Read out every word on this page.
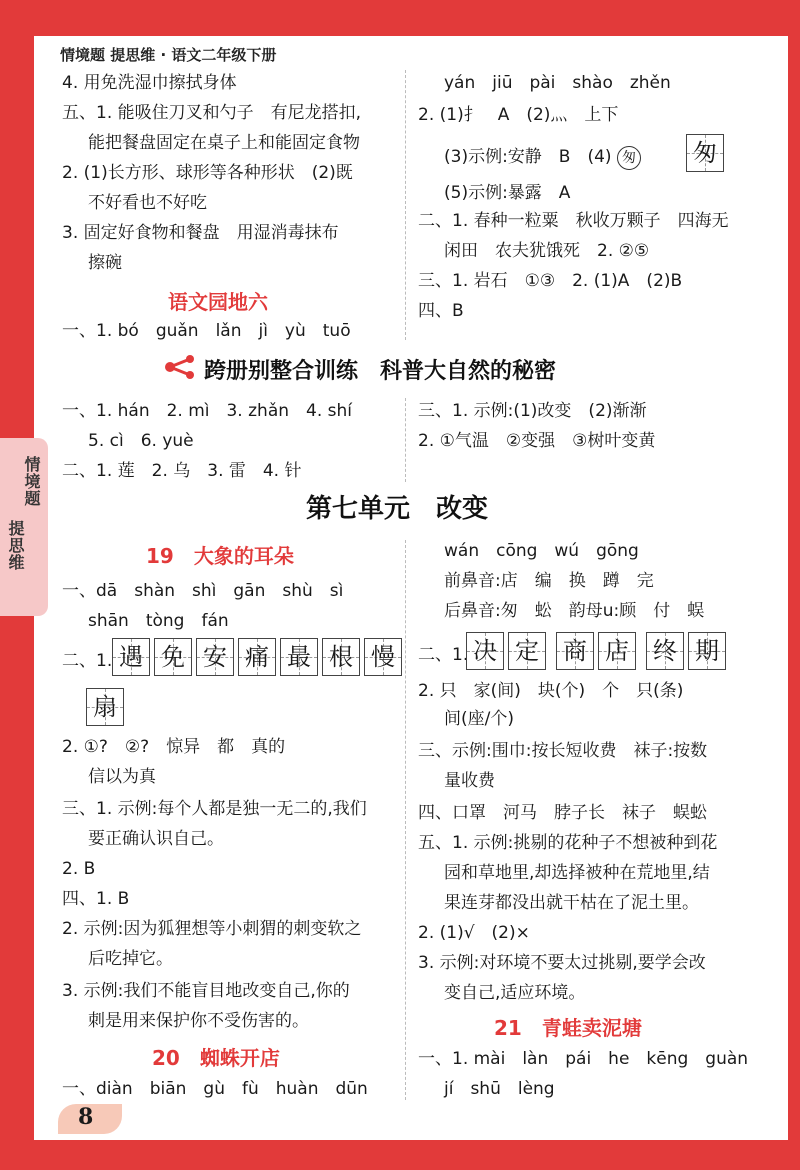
情境题 提思维 · 语文二年级下册
情境题
提思维
4. 用免洗湿巾擦拭身体
五、1. 能吸住刀叉和勺子　有尼龙搭扣,
能把餐盘固定在桌子上和能固定食物
2. (1)长方形、球形等各种形状　(2)既
不好看也不好吃
3. 固定好食物和餐盘　用湿消毒抹布
擦碗
语文园地六
一、1. bó　guǎn　lǎn　jì　yù　tuō
yán　jiū　pài　shào　zhěn
2. (1)扌　A　(2)灬　上下
(3)示例:安静　B　(4) 匆 匆
(5)示例:暴露　A
二、1. 春种一粒粟　秋收万颗子　四海无
闲田　农夫犹饿死　2. ②⑤
三、1. 岩石　①③　2. (1)A　(2)B
四、B
跨册别整合训练　科普大自然的秘密
一、1. hán　2. mì　3. zhǎn　4. shí
5. cì　6. yuè
二、1. 莲　2. 乌　3. 雷　4. 针
三、1. 示例:(1)改变　(2)渐渐
2. ①气温　②变强　③树叶变黄
第七单元　改变
19　大象的耳朵
一、dā　shàn　shì　gān　shù　sì
shān　tòng　fán
二、1. 遇 免 安 痛 最 根 慢
扇
2. ①?　②?　惊异　都　真的
信以为真
三、1. 示例:每个人都是独一无二的,我们
要正确认识自己。
2. B
四、1. B
2. 示例:因为狐狸想等小刺猬的刺变软之
后吃掉它。
3. 示例:我们不能盲目地改变自己,你的
刺是用来保护你不受伤害的。
20　蜘蛛开店
一、diàn　biān　gù　fù　huàn　dūn
wán　cōng　wú　gōng
前鼻音:店　编　换　蹲　完
后鼻音:匆　蚣　韵母u:顾　付　蜈
二、1. 决 定 商 店 终 期
2. 只　家(间)　块(个)　个　只(条)
间(座/个)
三、示例:围巾:按长短收费　袜子:按数
量收费
四、口罩　河马　脖子长　袜子　蜈蚣
五、1. 示例:挑剔的花种子不想被种到花
园和草地里,却选择被种在荒地里,结
果连芽都没出就干枯在了泥土里。
2. (1)√　(2)×
3. 示例:对环境不要太过挑剔,要学会改
变自己,适应环境。
21　青蛙卖泥塘
一、1. mài　làn　pái　he　kēng　guàn
jí　shū　lèng
8
